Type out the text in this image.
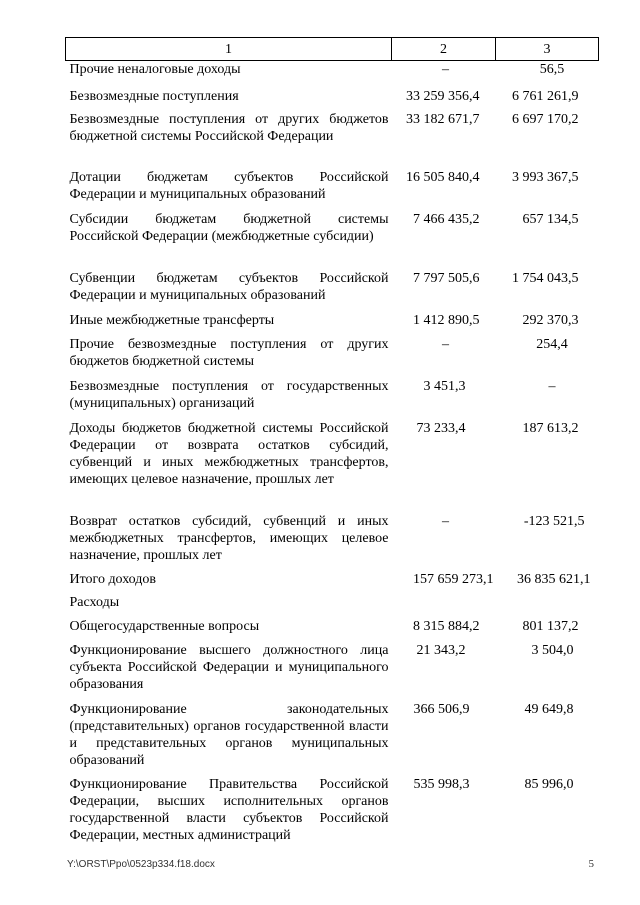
1	2	3
Прочие неналоговые доходы	–	56,5
Безвозмездные поступления	33 259 356,4	6 761 261,9
Безвозмездные поступления от других бюджетов бюджетной системы Российской Федерации	33 182 671,7	6 697 170,2
Дотации бюджетам субъектов Российской Федерации и муниципальных образований	16 505 840,4	3 993 367,5
Субсидии бюджетам бюджетной системы Российской Федерации (межбюджетные субсидии)	7 466 435,2	657 134,5
Субвенции бюджетам субъектов Российской Федерации и муниципальных образований	7 797 505,6	1 754 043,5
Иные межбюджетные трансферты	1 412 890,5	292 370,3
Прочие безвозмездные поступления от других бюджетов бюджетной системы	–	254,4
Безвозмездные поступления от государственных (муниципальных) организаций	3 451,3	–
Доходы бюджетов бюджетной системы Российской Федерации от возврата остатков субсидий, субвенций и иных межбюджетных трансфертов, имеющих целевое назначение, прошлых лет	73 233,4	187 613,2
Возврат остатков субсидий, субвенций и иных межбюджетных трансфертов, имеющих целевое назначение, прошлых лет	–	-123 521,5
Итого доходов	157 659 273,1	36 835 621,1
Расходы		
Общегосударственные вопросы	8 315 884,2	801 137,2
Функционирование высшего должностного лица субъекта Российской Федерации и муниципального образования	21 343,2	3 504,0
Функционирование законодательных (представительных) органов государственной власти и представительных органов муниципальных образований	366 506,9	49 649,8
Функционирование Правительства Российской Федерации, высших исполнительных органов государственной власти субъектов Российской Федерации, местных администраций	535 998,3	85 996,0
Y:\ORST\Ppo\0523p334.f18.docx	5
